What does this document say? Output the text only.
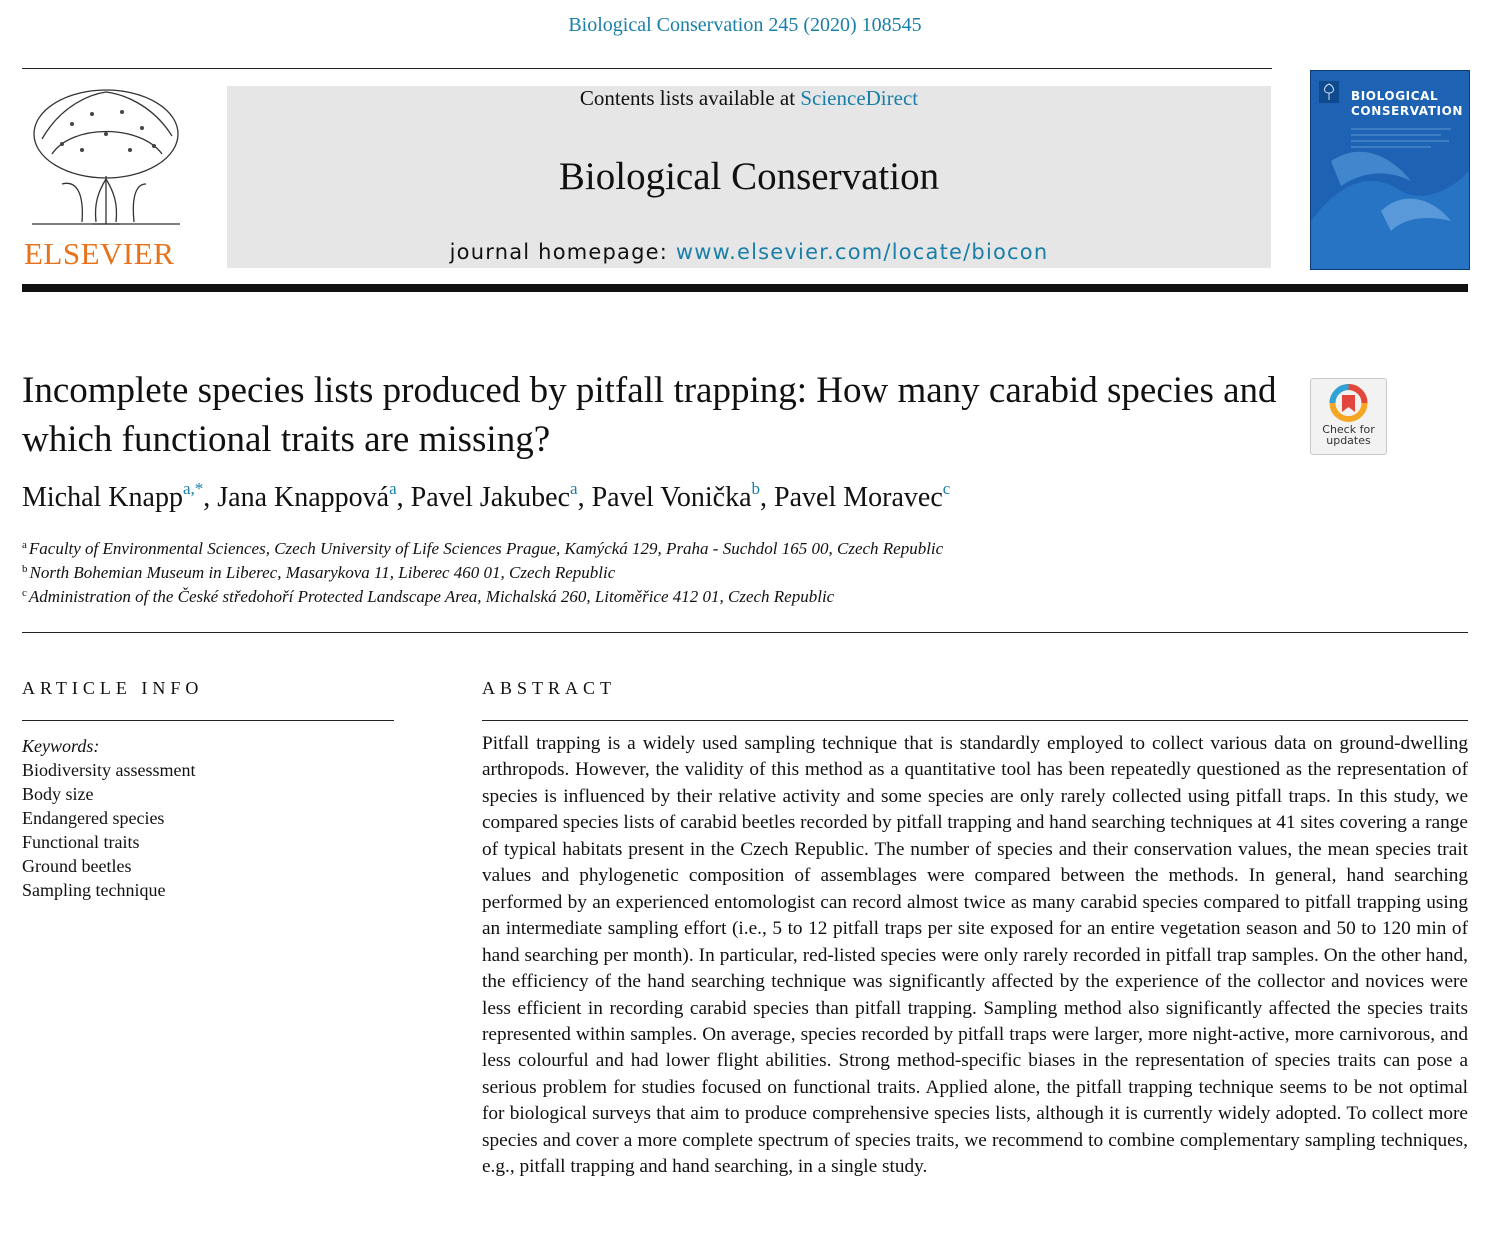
Biological Conservation 245 (2020) 108545
ELSEVIER
Contents lists available at ScienceDirect
Biological Conservation
journal homepage: www.elsevier.com/locate/biocon
BIOLOGICAL
CONSERVATION
Incomplete species lists produced by pitfall trapping: How many carabid species and which functional traits are missing?	Check for
updates
Michal Knapp$^{a,*}$, Jana Knappová$^a$, Pavel Jakubec$^a$, Pavel Vonička$^b$, Pavel Moravec$^c$
$^a$ Faculty of Environmental Sciences, Czech University of Life Sciences Prague, Kamýcká 129, Praha - Suchdol 165 00, Czech Republic
$^b$ North Bohemian Museum in Liberec, Masarykova 11, Liberec 460 01, Czech Republic
$^c$ Administration of the České středohoří Protected Landscape Area, Michalská 260, Litoměřice 412 01, Czech Republic
ARTICLE INFO
Keywords:
Biodiversity assessment
Body size
Endangered species
Functional traits
Ground beetles
Sampling technique
ABSTRACT
Pitfall trapping is a widely used sampling technique that is standardly employed to collect various data on ground-dwelling arthropods. However, the validity of this method as a quantitative tool has been repeatedly questioned as the representation of species is influenced by their relative activity and some species are only rarely collected using pitfall traps. In this study, we compared species lists of carabid beetles recorded by pitfall trapping and hand searching techniques at 41 sites covering a range of typical habitats present in the Czech Republic. The number of species and their conservation values, the mean species trait values and phylogenetic composition of assemblages were compared between the methods. In general, hand searching performed by an experienced entomologist can record almost twice as many carabid species compared to pitfall trapping using an intermediate sampling effort (i.e., 5 to 12 pitfall traps per site exposed for an entire vegetation season and 50 to 120 min of hand searching per month). In particular, red-listed species were only rarely recorded in pitfall trap samples. On the other hand, the efficiency of the hand searching technique was significantly affected by the experience of the collector and novices were less efficient in recording carabid species than pitfall trapping. Sampling method also significantly affected the species traits represented within samples. On average, species recorded by pitfall traps were larger, more night-active, more carnivorous, and less colourful and had lower flight abilities. Strong method-specific biases in the representation of species traits can pose a serious problem for studies focused on functional traits. Applied alone, the pitfall trapping technique seems to be not optimal for biological surveys that aim to produce comprehensive species lists, although it is currently widely adopted. To collect more species and cover a more complete spectrum of species traits, we recommend to combine complementary sampling techniques, e.g., pitfall trapping and hand searching, in a single study.
